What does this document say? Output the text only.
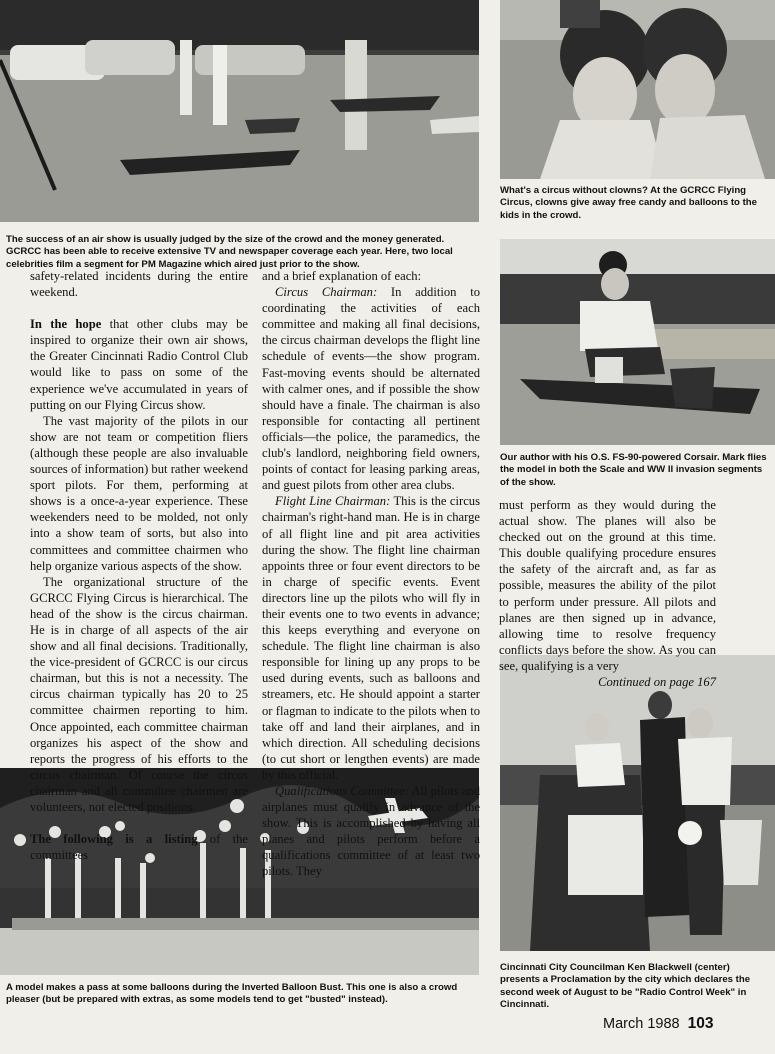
The success of an air show is usually judged by the size of the crowd and the money generated. GCRCC has been able to receive extensive TV and newspaper coverage each year. Here, two local celebrities film a segment for PM Magazine which aired just prior to the show.
What's a circus without clowns? At the GCRCC Flying Circus, clowns give away free candy and balloons to the kids in the crowd.
Our author with his O.S. FS-90-powered Corsair. Mark flies the model in both the Scale and WW II invasion segments of the show.
A model makes a pass at some balloons during the Inverted Balloon Bust. This one is also a crowd pleaser (but be prepared with extras, as some models tend to get "busted" instead).
Cincinnati City Councilman Ken Blackwell (center) presents a Proclamation by the city which declares the second week of August to be "Radio Control Week" in Cincinnati.

safety-related incidents during the entire weekend.

In the hope that other clubs may be inspired to organize their own air shows, the Greater Cincinnati Radio Control Club would like to pass on some of the experience we've accumulated in years of putting on our Flying Circus show.

The vast majority of the pilots in our show are not team or competition fliers (although these people are also invaluable sources of information) but rather weekend sport pilots. For them, performing at shows is a once-a-year experience. These weekenders need to be molded, not only into a show team of sorts, but also into committees and committee chairmen who help organize various aspects of the show.

The organizational structure of the GCRCC Flying Circus is hierarchical. The head of the show is the circus chairman. He is in charge of all aspects of the air show and all final decisions. Traditionally, the vice-president of GCRCC is our circus chairman, but this is not a necessity. The circus chairman typically has 20 to 25 committee chairmen reporting to him. Once appointed, each committee chairman organizes his aspect of the show and reports the progress of his efforts to the circus chairman. Of course the circus chairman and all committee chairmen are volunteers, not elected positions.

The following is a listing of the committees

and a brief explanation of each:

Circus Chairman: In addition to coordinating the activities of each committee and making all final decisions, the circus chairman develops the flight line schedule of events—the show program. Fast-moving events should be alternated with calmer ones, and if possible the show should have a finale. The chairman is also responsible for contacting all pertinent officials—the police, the paramedics, the club's landlord, neighboring field owners, points of contact for leasing parking areas, and guest pilots from other area clubs.

Flight Line Chairman: This is the circus chairman's right-hand man. He is in charge of all flight line and pit area activities during the show. The flight line chairman appoints three or four event directors to be in charge of specific events. Event directors line up the pilots who will fly in their events one to two events in advance; this keeps everything and everyone on schedule. The flight line chairman is also responsible for lining up any props to be used during events, such as balloons and streamers, etc. He should appoint a starter or flagman to indicate to the pilots when to take off and land their airplanes, and in which direction. All scheduling decisions (to cut short or lengthen events) are made by this official.

Qualifications Committee: All pilots and airplanes must qualify in advance of the show. This is accomplished by having all planes and pilots perform before a qualifications committee of at least two pilots. They

must perform as they would during the actual show. The planes will also be checked out on the ground at this time. This double qualifying procedure ensures the safety of the aircraft and, as far as possible, measures the ability of the pilot to perform under pressure. All pilots and planes are then signed up in advance, allowing time to resolve frequency conflicts days before the show. As you can see, qualifying is a very

Continued on page 167

March 1988 103
